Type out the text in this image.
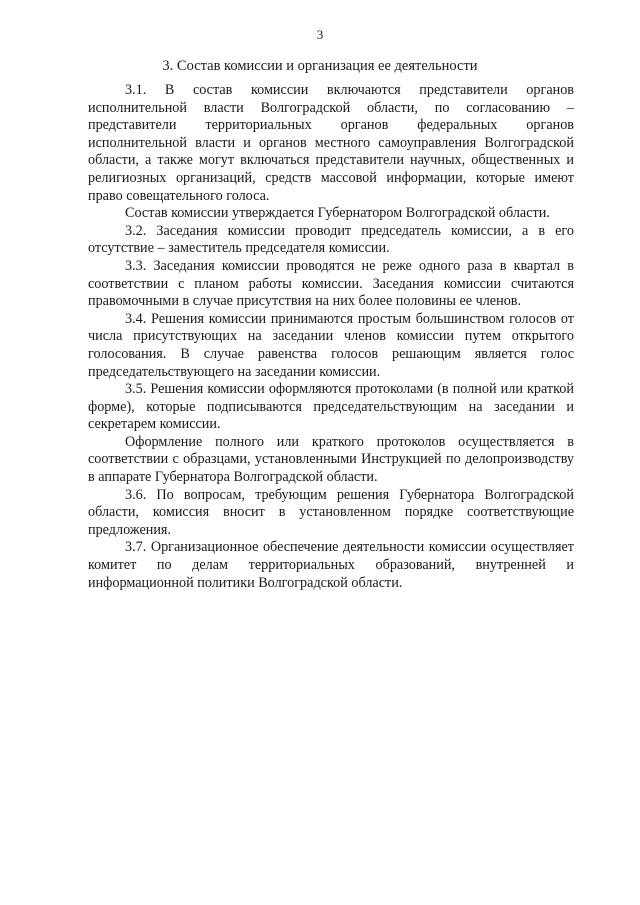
3
3. Состав комиссии и организация ее деятельности

3.1. В состав комиссии включаются представители органов исполнительной власти Волгоградской области, по согласованию – представители территориальных органов федеральных органов исполнительной власти и органов местного самоуправления Волгоградской области, а также могут включаться представители научных, общественных и религиозных организаций, средств массовой информации, которые имеют право совещательного голоса.

Состав комиссии утверждается Губернатором Волгоградской области.

3.2. Заседания комиссии проводит председатель комиссии, а в его отсутствие – заместитель председателя комиссии.

3.3. Заседания комиссии проводятся не реже одного раза в квартал в соответствии с планом работы комиссии. Заседания комиссии считаются правомочными в случае присутствия на них более половины ее членов.

3.4. Решения комиссии принимаются простым большинством голосов от числа присутствующих на заседании членов комиссии путем открытого голосования. В случае равенства голосов решающим является голос председательствующего на заседании комиссии.

3.5. Решения комиссии оформляются протоколами (в полной или краткой форме), которые подписываются председательствующим на заседании и секретарем комиссии.

Оформление полного или краткого протоколов осуществляется в соответствии с образцами, установленными Инструкцией по делопроизводству в аппарате Губернатора Волгоградской области.

3.6. По вопросам, требующим решения Губернатора Волгоградской области, комиссия вносит в установленном порядке соответствующие предложения.

3.7. Организационное обеспечение деятельности комиссии осуществляет комитет по делам территориальных образований, внутренней и информационной политики Волгоградской области.
